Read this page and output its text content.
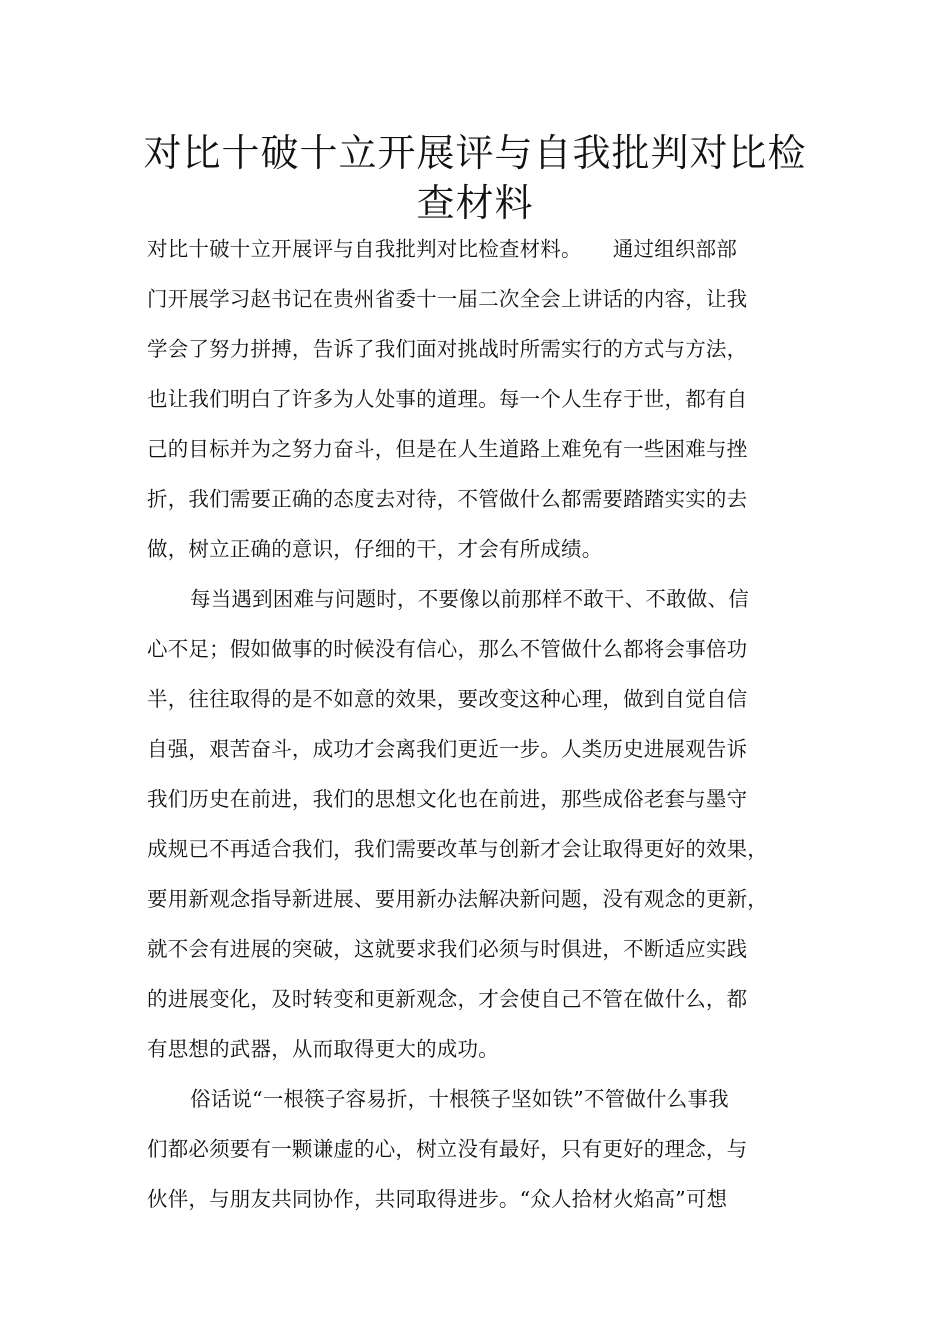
对比十破十立开展评与自我批判对比检
查材料
对比十破十立开展评与自我批判对比检查材料。　　通过组织部部
门开展学习赵书记在贵州省委十一届二次全会上讲话的内容，让我
学会了努力拼搏，告诉了我们面对挑战时所需实行的方式与方法，
也让我们明白了许多为人处事的道理。每一个人生存于世，都有自
己的目标并为之努力奋斗，但是在人生道路上难免有一些困难与挫
折，我们需要正确的态度去对待，不管做什么都需要踏踏实实的去
做，树立正确的意识，仔细的干，才会有所成绩。
每当遇到困难与问题时，不要像以前那样不敢干、不敢做、信
心不足；假如做事的时候没有信心，那么不管做什么都将会事倍功
半，往往取得的是不如意的效果，要改变这种心理，做到自觉自信
自强，艰苦奋斗，成功才会离我们更近一步。人类历史进展观告诉
我们历史在前进，我们的思想文化也在前进，那些成俗老套与墨守
成规已不再适合我们，我们需要改革与创新才会让取得更好的效果，
要用新观念指导新进展、要用新办法解决新问题，没有观念的更新，
就不会有进展的突破，这就要求我们必须与时俱进，不断适应实践
的进展变化，及时转变和更新观念，才会使自己不管在做什么，都
有思想的武器，从而取得更大的成功。
俗话说“一根筷子容易折，十根筷子坚如铁”不管做什么事我
们都必须要有一颗谦虚的心，树立没有最好，只有更好的理念，与
伙伴，与朋友共同协作，共同取得进步。“众人拾材火焰高”可想
